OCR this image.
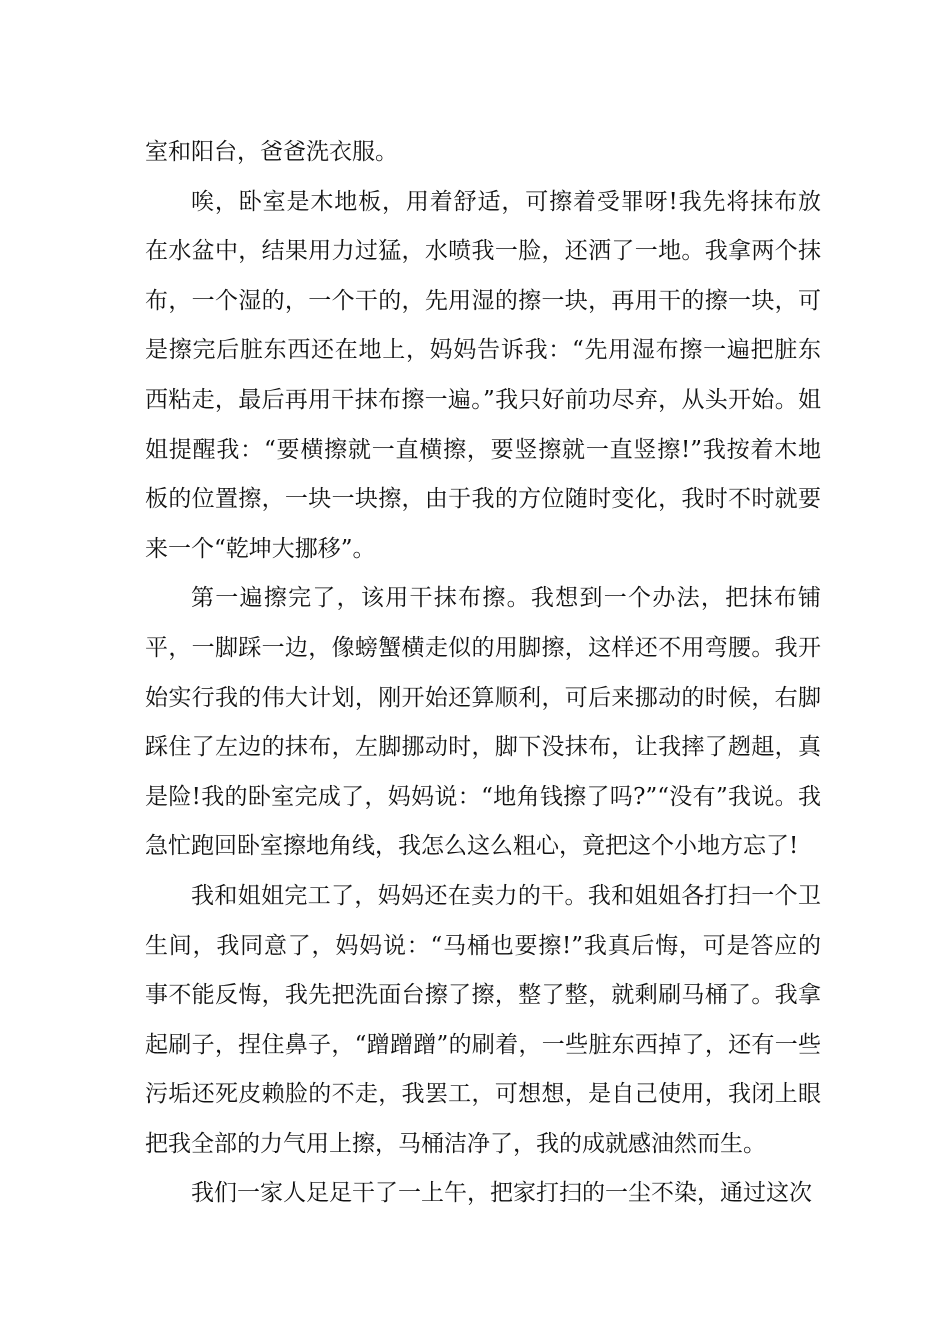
室和阳台，爸爸洗衣服。

唉，卧室是木地板，用着舒适，可擦着受罪呀!我先将抹布放在水盆中，结果用力过猛，水喷我一脸，还洒了一地。我拿两个抹布，一个湿的，一个干的，先用湿的擦一块，再用干的擦一块，可是擦完后脏东西还在地上，妈妈告诉我：“先用湿布擦一遍把脏东西粘走，最后再用干抹布擦一遍。”我只好前功尽弃，从头开始。姐姐提醒我：“要横擦就一直横擦，要竖擦就一直竖擦!”我按着木地板的位置擦，一块一块擦，由于我的方位随时变化，我时不时就要来一个“乾坤大挪移”。

第一遍擦完了，该用干抹布擦。我想到一个办法，把抹布铺平，一脚踩一边，像螃蟹横走似的用脚擦，这样还不用弯腰。我开始实行我的伟大计划，刚开始还算顺利，可后来挪动的时候，右脚踩住了左边的抹布，左脚挪动时，脚下没抹布，让我摔了趔趄，真是险!我的卧室完成了，妈妈说：“地角钱擦了吗?”“没有”我说。我急忙跑回卧室擦地角线，我怎么这么粗心，竟把这个小地方忘了!

我和姐姐完工了，妈妈还在卖力的干。我和姐姐各打扫一个卫生间，我同意了，妈妈说：“马桶也要擦!”我真后悔，可是答应的事不能反悔，我先把洗面台擦了擦，整了整，就剩刷马桶了。我拿起刷子，捏住鼻子，“蹭蹭蹭”的刷着，一些脏东西掉了，还有一些污垢还死皮赖脸的不走，我罢工，可想想，是自己使用，我闭上眼把我全部的力气用上擦，马桶洁净了，我的成就感油然而生。

我们一家人足足干了一上午，把家打扫的一尘不染，通过这次
